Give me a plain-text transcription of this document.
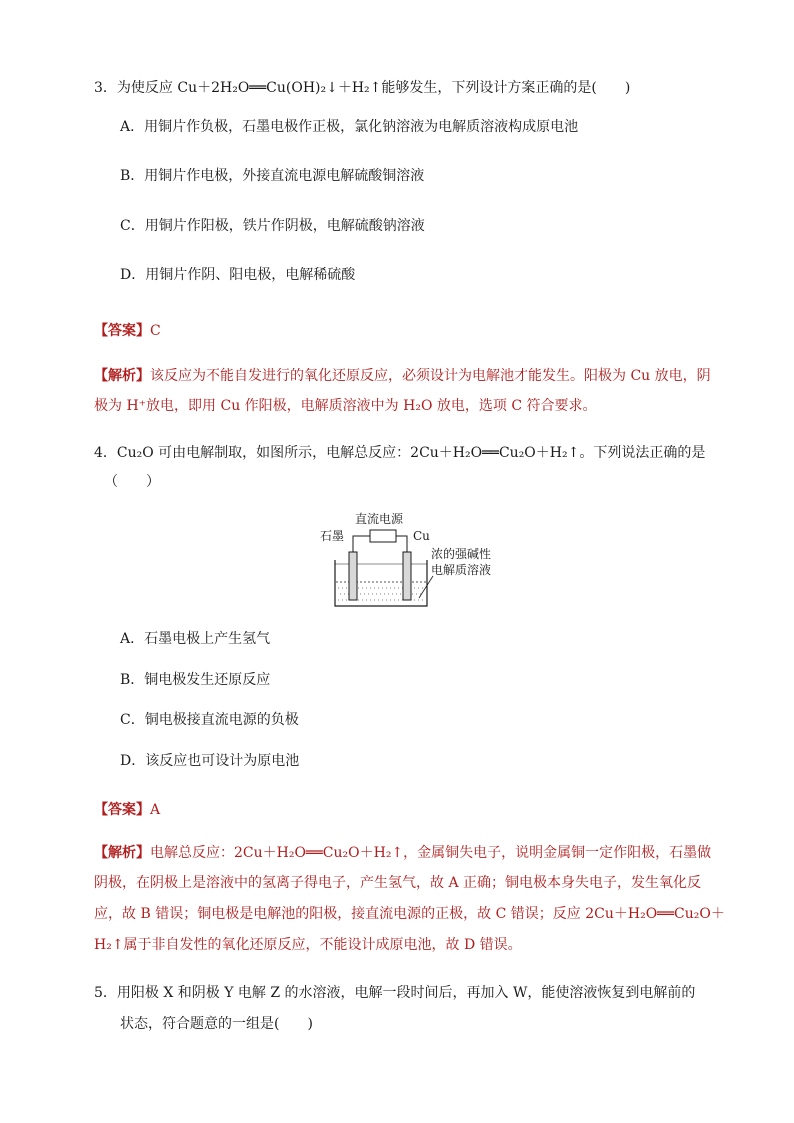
3．为使反应 Cu＋2H₂O══Cu(OH)₂↓＋H₂↑能够发生，下列设计方案正确的是(　　)
A．用铜片作负极，石墨电极作正极，氯化钠溶液为电解质溶液构成原电池
B．用铜片作电极，外接直流电源电解硫酸铜溶液
C．用铜片作阳极，铁片作阴极，电解硫酸钠溶液
D．用铜片作阴、阳电极，电解稀硫酸
【答案】C
【解析】该反应为不能自发进行的氧化还原反应，必须设计为电解池才能发生。阳极为 Cu 放电，阴
极为 H⁺放电，即用 Cu 作阳极，电解质溶液中为 H₂O 放电，选项 C 符合要求。
4．Cu₂O 可由电解制取，如图所示，电解总反应：2Cu＋H₂O══Cu₂O＋H₂↑。下列说法正确的是
（　　）
直流电源
石墨	Cu
浓的强碱性
电解质溶液
A．石墨电极上产生氢气
B．铜电极发生还原反应
C．铜电极接直流电源的负极
D．该反应也可设计为原电池
【答案】A
【解析】电解总反应：2Cu＋H₂O══Cu₂O＋H₂↑，金属铜失电子，说明金属铜一定作阳极，石墨做
阴极，在阴极上是溶液中的氢离子得电子，产生氢气，故 A 正确；铜电极本身失电子，发生氧化反
应，故 B 错误；铜电极是电解池的阳极，接直流电源的正极，故 C 错误；反应 2Cu＋H₂O══Cu₂O＋
H₂↑属于非自发性的氧化还原反应，不能设计成原电池，故 D 错误。
5．用阳极 X 和阴极 Y 电解 Z 的水溶液，电解一段时间后，再加入 W，能使溶液恢复到电解前的
状态，符合题意的一组是(　　)
